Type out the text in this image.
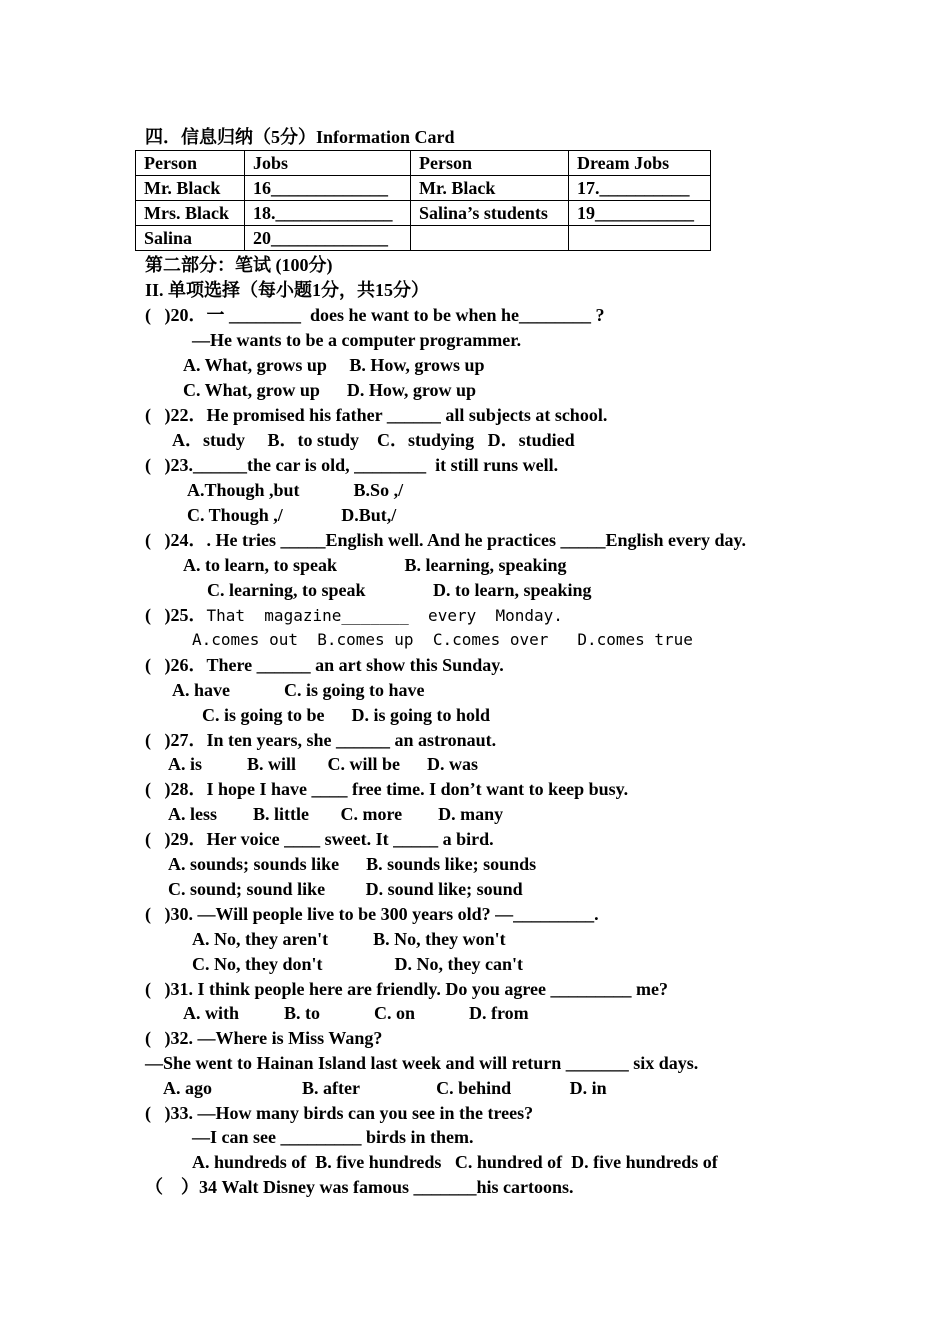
四．信息归纳（5分）Information Card
Person	Jobs	Person	Dream Jobs
Mr. Black	16_____________	Mr. Black	17.__________
Mrs. Black	18._____________	Salina’s students	19___________
Salina	20_____________		
第二部分：笔试 (100分)
II. 单项选择（每小题1分，共15分）
(   )20．一 ________  does he want to be when he________ ?
—He wants to be a computer programmer.
A. What, grows up     B. How, grows up
C. What, grow up      D. How, grow up
(   )22．He promised his father ______ all subjects at school.
A．study     B．to study    C．studying   D．studied
(   )23.______the car is old, ________  it still runs well.
A.Though ,but            B.So ,/
C. Though ,/             D.But,/
(   )24．. He tries _____English well. And he practices _____English every day.
A. to learn, to speak               B. learning, speaking
C. learning, to speak               D. to learn, speaking
(   )25．That  magazine_______  every  Monday.
A.comes out  B.comes up  C.comes over   D.comes true
(   )26．There ______ an art show this Sunday.
A. have            C. is going to have
C. is going to be      D. is going to hold
(   )27．In ten years, she ______ an astronaut.
A. is          B. will       C. will be      D. was
(   )28．I hope I have ____ free time. I don’t want to keep busy.
A. less        B. little       C. more        D. many
(   )29．Her voice ____ sweet. It _____ a bird.
A. sounds; sounds like      B. sounds like; sounds
C. sound; sound like         D. sound like; sound
(   )30. —Will people live to be 300 years old? —_________.
A. No, they aren't          B. No, they won't
C. No, they don't                D. No, they can't
(   )31. I think people here are friendly. Do you agree _________ me?
A. with          B. to            C. on            D. from
(   )32. —Where is Miss Wang?
—She went to Hainan Island last week and will return _______ six days.
A. ago                    B. after                 C. behind             D. in
(   )33. —How many birds can you see in the trees?
—I can see _________ birds in them.
A. hundreds of  B. five hundreds   C. hundred of  D. five hundreds of
（    ）34 Walt Disney was famous _______his cartoons.
